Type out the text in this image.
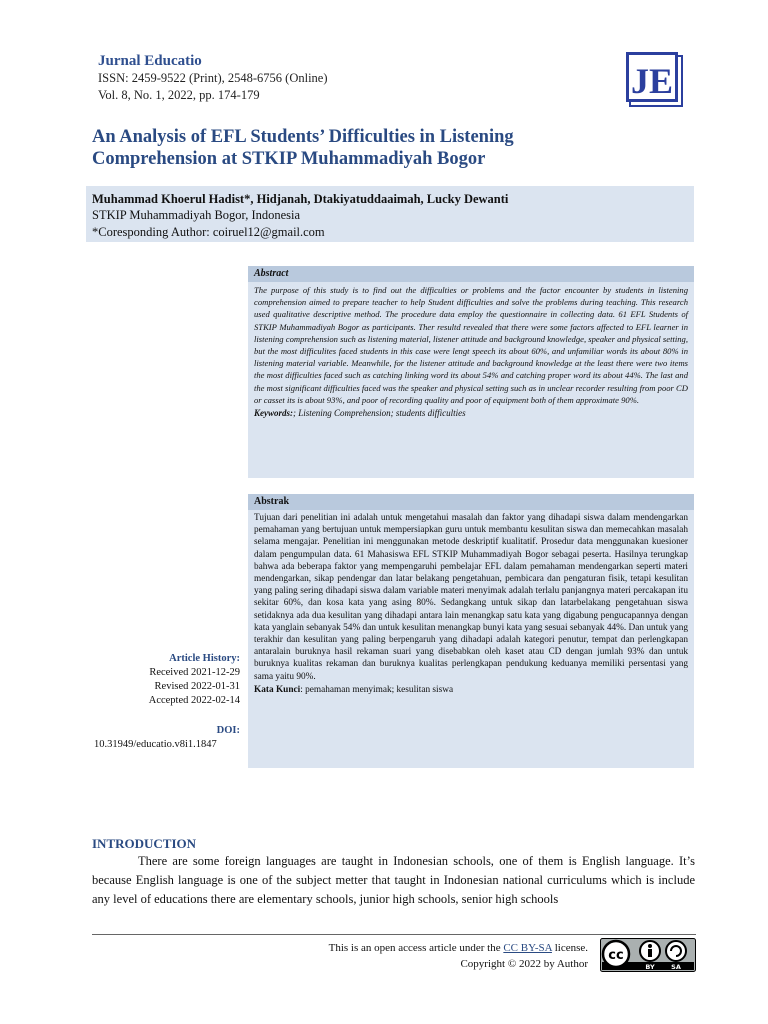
Jurnal Educatio
ISSN: 2459-9522 (Print), 2548-6756 (Online)
Vol. 8, No. 1, 2022, pp. 174-179	JE
An Analysis of EFL Students’ Difficulties in Listening
Comprehension at STKIP Muhammadiyah Bogor
Muhammad Khoerul Hadist*, Hidjanah, Dtakiyatuddaaimah, Lucky Dewanti
STKIP Muhammadiyah Bogor, Indonesia
*Coresponding Author: coiruel12@gmail.com
Abstract
The purpose of this study is to find out the difficulties or problems and the factor encounter by students in listening comprehension aimed to prepare teacher to help Student difficulties and solve the problems during teaching. This research used qualitative descriptive method. The procedure data employ the questionnaire in collecting data. 61 EFL Students of STKIP Muhammadiyah Bogor as participants. Ther resultd revealed that there were some factors affected to EFL learner in listening comprehension such as listening material, listener attitude and background knowledge, speaker and physical setting, but the most difficulites faced students in this case were lengt speech its about 60%, and unfamiliar words its about 80% in listening material variable. Meanwhile, for the listener attitude and background knowledge at the least there were two items the most difficulties faced such as catching linking word its about 54% and catching proper word its about 44%. The last and the most significant difficulties faced was the speaker and physical setting such as in unclear recorder resulting from poor CD or casset its is about 93%, and poor of recording quality and poor of equipment both of them approximate 90%.
Keywords:; Listening Comprehension; students difficulties
Abstrak
Tujuan dari penelitian ini adalah untuk mengetahui masalah dan faktor yang dihadapi siswa dalam mendengarkan pemahaman yang bertujuan untuk mempersiapkan guru untuk membantu kesulitan siswa dan memecahkan masalah selama mengajar. Penelitian ini menggunakan metode deskriptif kualitatif. Prosedur data menggunakan kuesioner dalam pengumpulan data. 61 Mahasiswa EFL STKIP Muhammadiyah Bogor sebagai peserta. Hasilnya terungkap bahwa ada beberapa faktor yang mempengaruhi pembelajar EFL dalam pemahaman mendengarkan seperti materi mendengarkan, sikap pendengar dan latar belakang pengetahuan, pembicara dan pengaturan fisik, tetapi kesulitan yang paling sering dihadapi siswa dalam variable materi menyimak adalah terlalu panjangnya materi percakapan itu sekitar 60%, dan kosa kata yang asing 80%. Sedangkang untuk sikap dan latarbelakang pengetahuan siswa setidaknya ada dua kesulitan yang dihadapi antara lain menangkap satu kata yang digabung pengucapannya dengan kata yanglain sebanyak 54% dan untuk kesulitan menangkap bunyi kata yang sesuai sebanyak 44%. Dan untuk yang terakhir dan kesulitan yang paling berpengaruh yang dihadapi adalah kategori penutur, tempat dan perlengkapan antaralain buruknya hasil rekaman suari yang disebabkan oleh kaset atau CD dengan jumlah 93% dan untuk buruknya kualitas rekaman dan buruknya kualitas perlengkapan pendukung keduanya memiliki persentasi yang sama yaitu 90%.
Kata Kunci: pemahaman menyimak; kesulitan siswa
Article History:
Received 2021-12-29
Revised 2022-01-31
Accepted 2022-02-14
DOI:
10.31949/educatio.v8i1.1847
INTRODUCTION
There are some foreign languages are taught in Indonesian schools, one of them is English language. It’s because English language is one of the subject metter that taught in Indonesian national curriculums which is include any level of educations there are elementary schools, junior high schools, senior high schools
This is an open access article under the CC BY-SA license.
Copyright © 2022 by Author
cc
BY	SA
